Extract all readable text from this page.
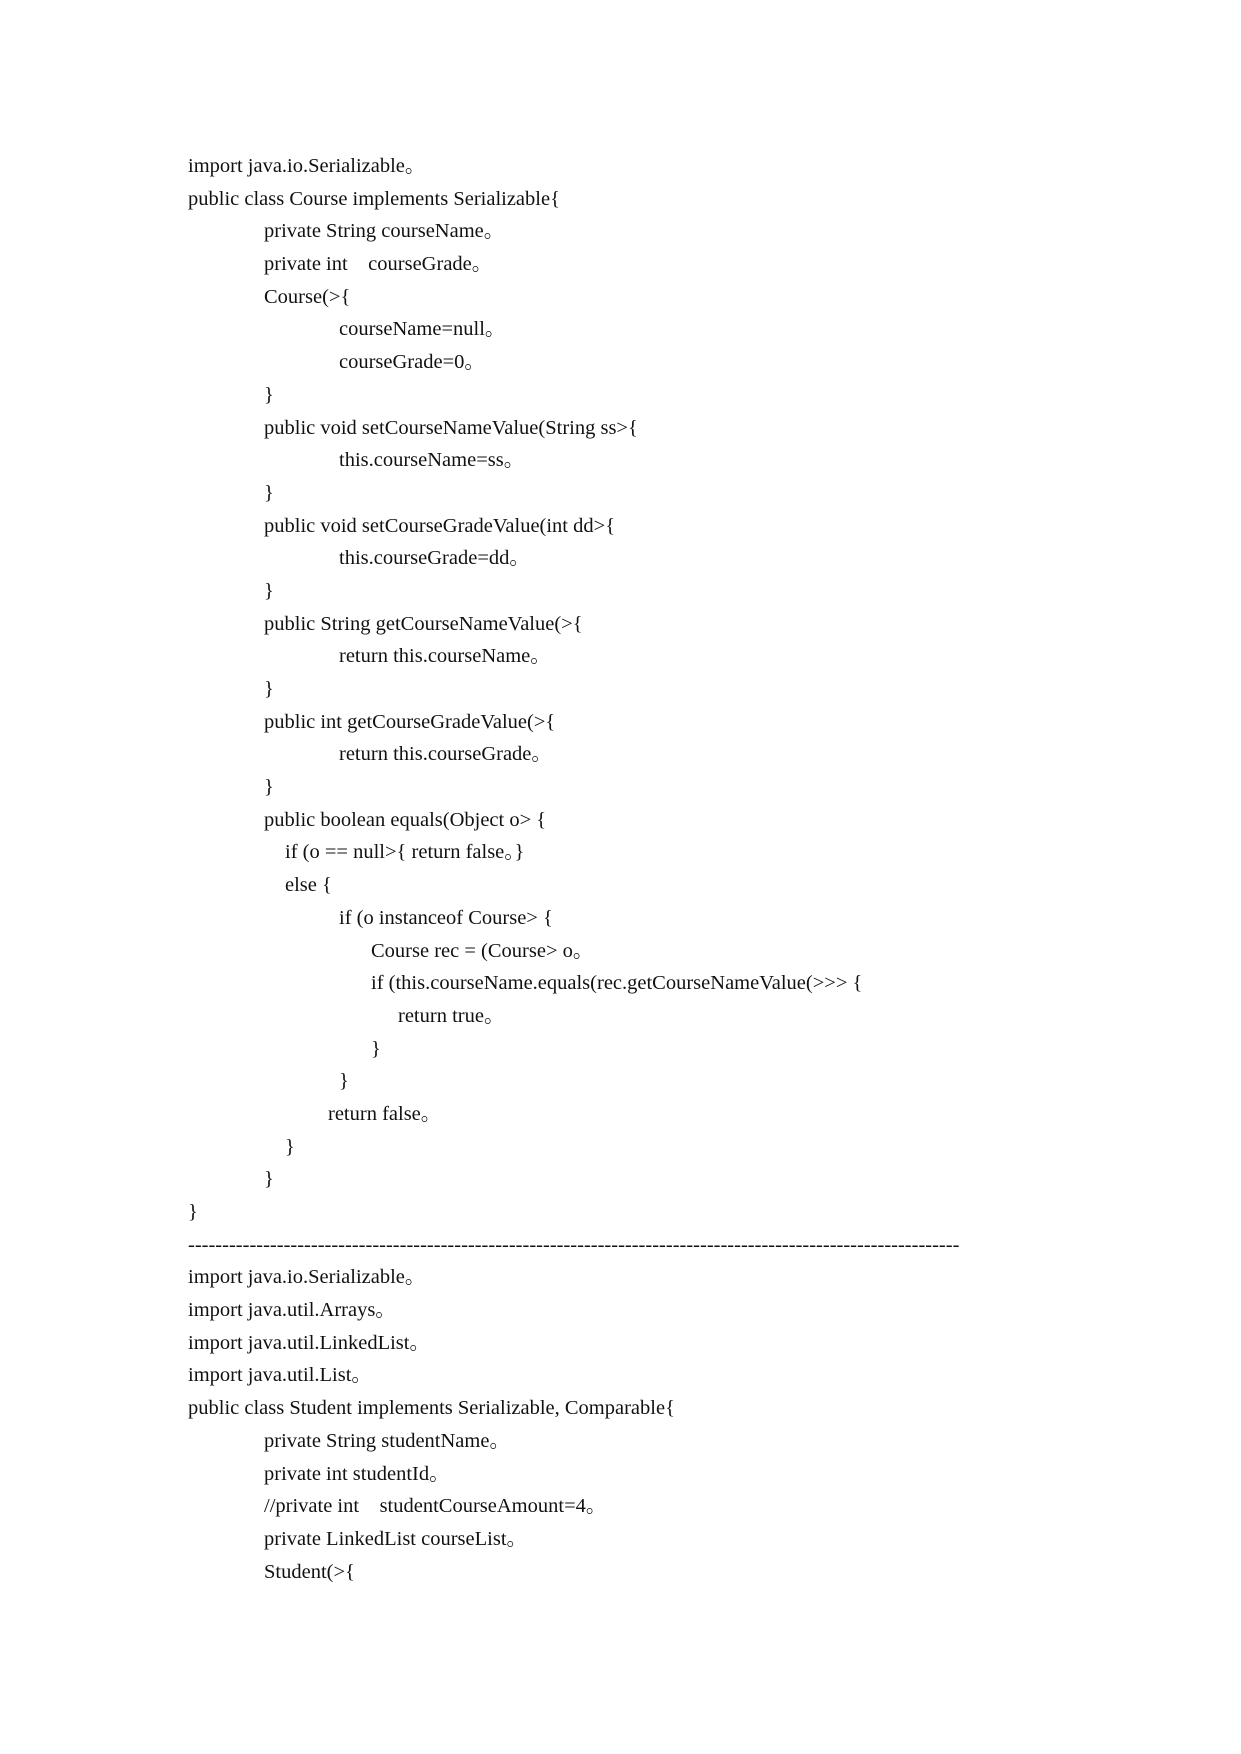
import java.io.Serializable。
public class Course implements Serializable{
private String courseName。
private int    courseGrade。
Course(>{
courseName=null。
courseGrade=0。
}
public void setCourseNameValue(String ss>{
this.courseName=ss。
}
public void setCourseGradeValue(int dd>{
this.courseGrade=dd。
}
public String getCourseNameValue(>{
return this.courseName。
}
public int getCourseGradeValue(>{
return this.courseGrade。
}
public boolean equals(Object o> {
if (o == null>{ return false。}
else {
if (o instanceof Course> {
Course rec = (Course> o。
if (this.courseName.equals(rec.getCourseNameValue(>>> {
return true。
}
}
return false。
}
}
}
-----------------------------------------------------------------------------------------------------------------
import java.io.Serializable。
import java.util.Arrays。
import java.util.LinkedList。
import java.util.List。
public class Student implements Serializable, Comparable{
private String studentName。
private int studentId。
//private int    studentCourseAmount=4。
private LinkedList courseList。
Student(>{
